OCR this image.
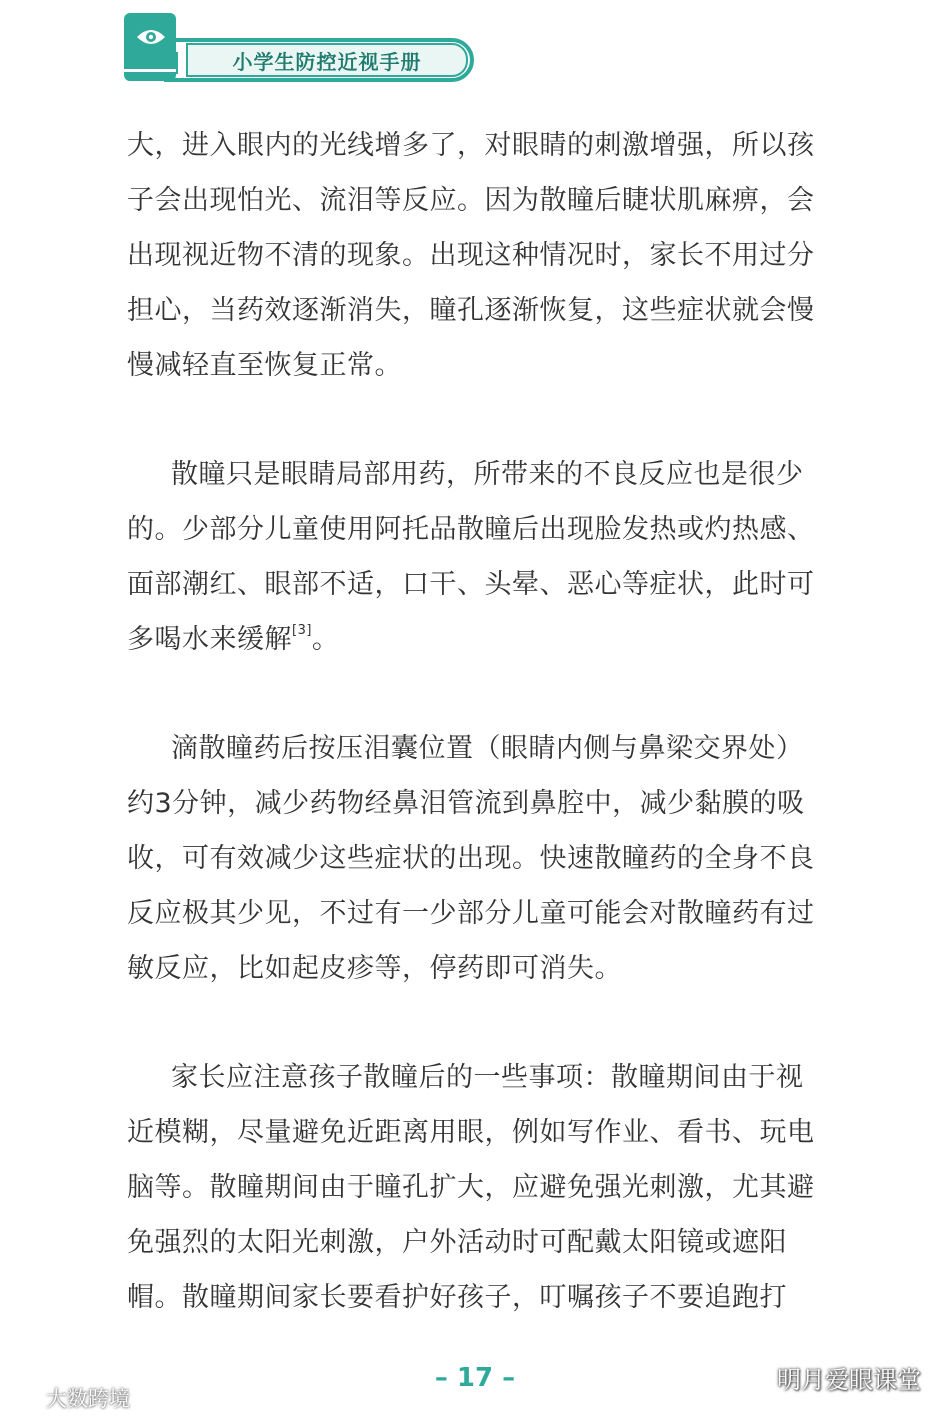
小学生防控近视手册

大，进入眼内的光线增多了，对眼睛的刺激增强，所以孩
子会出现怕光、流泪等反应。因为散瞳后睫状肌麻痹，会
出现视近物不清的现象。出现这种情况时，家长不用过分
担心，当药效逐渐消失，瞳孔逐渐恢复，这些症状就会慢
慢减轻直至恢复正常。

散瞳只是眼睛局部用药，所带来的不良反应也是很少
的。少部分儿童使用阿托品散瞳后出现脸发热或灼热感、
面部潮红、眼部不适，口干、头晕、恶心等症状，此时可
多喝水来缓解[3]。

滴散瞳药后按压泪囊位置（眼睛内侧与鼻梁交界处）
约3分钟，减少药物经鼻泪管流到鼻腔中，减少黏膜的吸
收，可有效减少这些症状的出现。快速散瞳药的全身不良
反应极其少见，不过有一少部分儿童可能会对散瞳药有过
敏反应，比如起皮疹等，停药即可消失。

家长应注意孩子散瞳后的一些事项：散瞳期间由于视
近模糊，尽量避免近距离用眼，例如写作业、看书、玩电
脑等。散瞳期间由于瞳孔扩大，应避免强光刺激，尤其避
免强烈的太阳光刺激，户外活动时可配戴太阳镜或遮阳
帽。散瞳期间家长要看护好孩子，叮嘱孩子不要追跑打

– 17 –	明月爱眼课堂
大数跨境
